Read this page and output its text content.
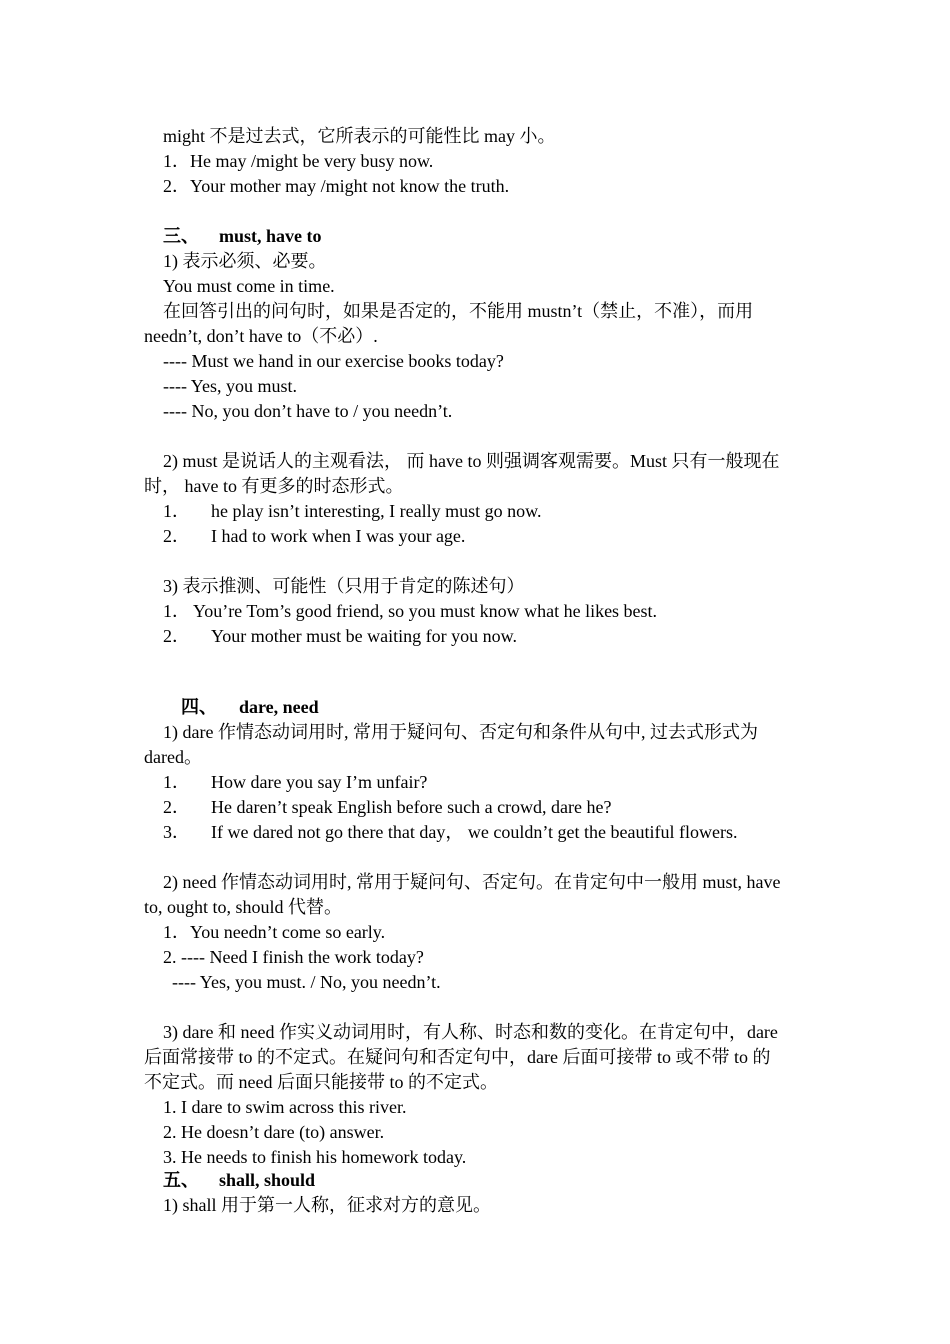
might 不是过去式，它所表示的可能性比 may 小。
1．He may /might be very busy now.
2．Your mother may /might not know the truth.
三、 must, have to
1) 表示必须、必要。
You must come in time.
在回答引出的问句时，如果是否定的，不能用 mustn’t（禁止，不准），而用
needn’t, don’t have to（不必）.
---- Must we hand in our exercise books today?
---- Yes, you must.
---- No, you don’t have to / you needn’t.
2) must 是说话人的主观看法， 而 have to 则强调客观需要。Must 只有一般现在
时， have to 有更多的时态形式。
1． he play isn’t interesting, I really must go now.
2． I had to work when I was your age.
3) 表示推测、可能性（只用于肯定的陈述句）
1． You’re Tom’s good friend, so you must know what he likes best.
2． Your mother must be waiting for you now.
四、 dare, need
1) dare 作情态动词用时, 常用于疑问句、否定句和条件从句中, 过去式形式为
dared。
1． How dare you say I’m unfair?
2． He daren’t speak English before such a crowd, dare he?
3． If we dared not go there that day， we couldn’t get the beautiful flowers.
2) need 作情态动词用时, 常用于疑问句、否定句。在肯定句中一般用 must, have
to, ought to, should 代替。
1．You needn’t come so early.
2. ---- Need I finish the work today?
---- Yes, you must. / No, you needn’t.
3) dare 和 need 作实义动词用时，有人称、时态和数的变化。在肯定句中，dare
后面常接带 to 的不定式。在疑问句和否定句中，dare 后面可接带 to 或不带 to 的
不定式。而 need 后面只能接带 to 的不定式。
1. I dare to swim across this river.
2. He doesn’t dare (to) answer.
3. He needs to finish his homework today.
五、 shall, should
1) shall 用于第一人称，征求对方的意见。
